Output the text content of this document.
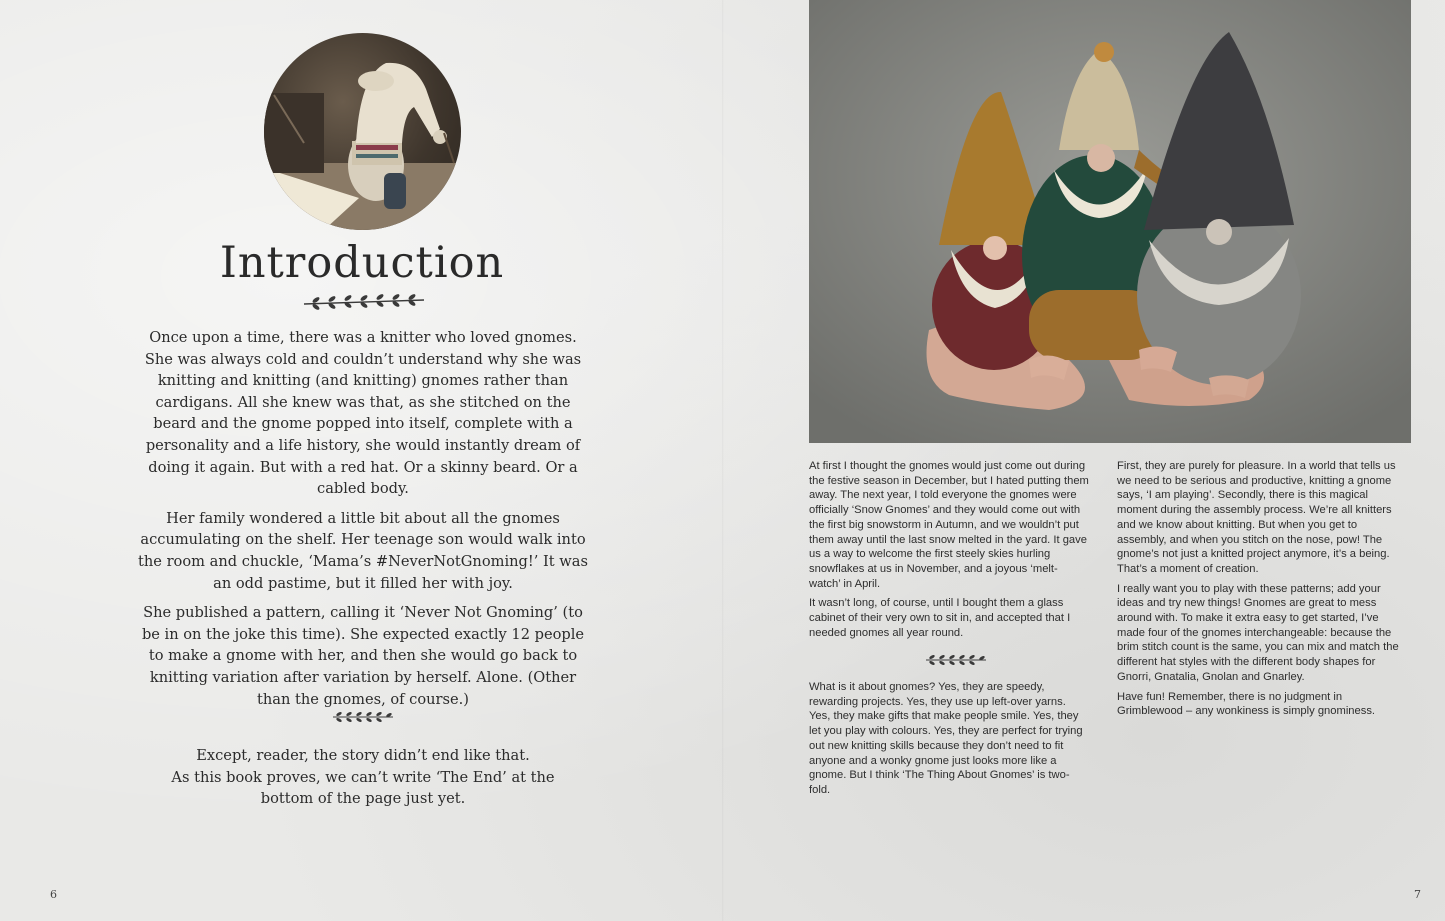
Introduction

Once upon a time, there was a knitter who loved gnomes. She was always cold and couldn’t understand why she was knitting and knitting (and knitting) gnomes rather than cardigans. All she knew was that, as she stitched on the beard and the gnome popped into itself, complete with a personality and a life history, she would instantly dream of doing it again. But with a red hat. Or a skinny beard. Or a cabled body.

Her family wondered a little bit about all the gnomes accumulating on the shelf. Her teenage son would walk into the room and chuckle, ‘Mama’s #NeverNotGnoming!’ It was an odd pastime, but it filled her with joy.

She published a pattern, calling it ‘Never Not Gnoming’ (to be in on the joke this time). She expected exactly 12 people to make a gnome with her, and then she would go back to knitting variation after variation by herself. Alone. (Other than the gnomes, of course.)

Except, reader, the story didn’t end like that.

As this book proves, we can’t write ‘The End’ at the

bottom of the page just yet.

6

At first I thought the gnomes would just come out during the festive season in December, but I hated putting them away. The next year, I told everyone the gnomes were officially ‘Snow Gnomes’ and they would come out with the first big snowstorm in Autumn, and we wouldn’t put them away until the last snow melted in the yard. It gave us a way to welcome the first steely skies hurling snowflakes at us in November, and a joyous ‘melt-watch’ in April.

It wasn’t long, of course, until I bought them a glass cabinet of their very own to sit in, and accepted that I needed gnomes all year round.

What is it about gnomes? Yes, they are speedy, rewarding projects. Yes, they use up left-over yarns. Yes, they make gifts that make people smile. Yes, they let you play with colours. Yes, they are perfect for trying out new knitting skills because they don’t need to fit anyone and a wonky gnome just looks more like a gnome. But I think ‘The Thing About Gnomes’ is two-fold.

First, they are purely for pleasure. In a world that tells us we need to be serious and productive, knitting a gnome says, ‘I am playing’. Secondly, there is this magical moment during the assembly process. We’re all knitters and we know about knitting. But when you get to assembly, and when you stitch on the nose, pow! The gnome’s not just a knitted project anymore, it’s a being. That’s a moment of creation.

I really want you to play with these patterns; add your ideas and try new things! Gnomes are great to mess around with. To make it extra easy to get started, I’ve made four of the gnomes interchangeable: because the brim stitch count is the same, you can mix and match the different hat styles with the different body shapes for Gnorri, Gnatalia, Gnolan and Gnarley.

Have fun! Remember, there is no judgment in Grimblewood – any wonkiness is simply gnominess.

7
